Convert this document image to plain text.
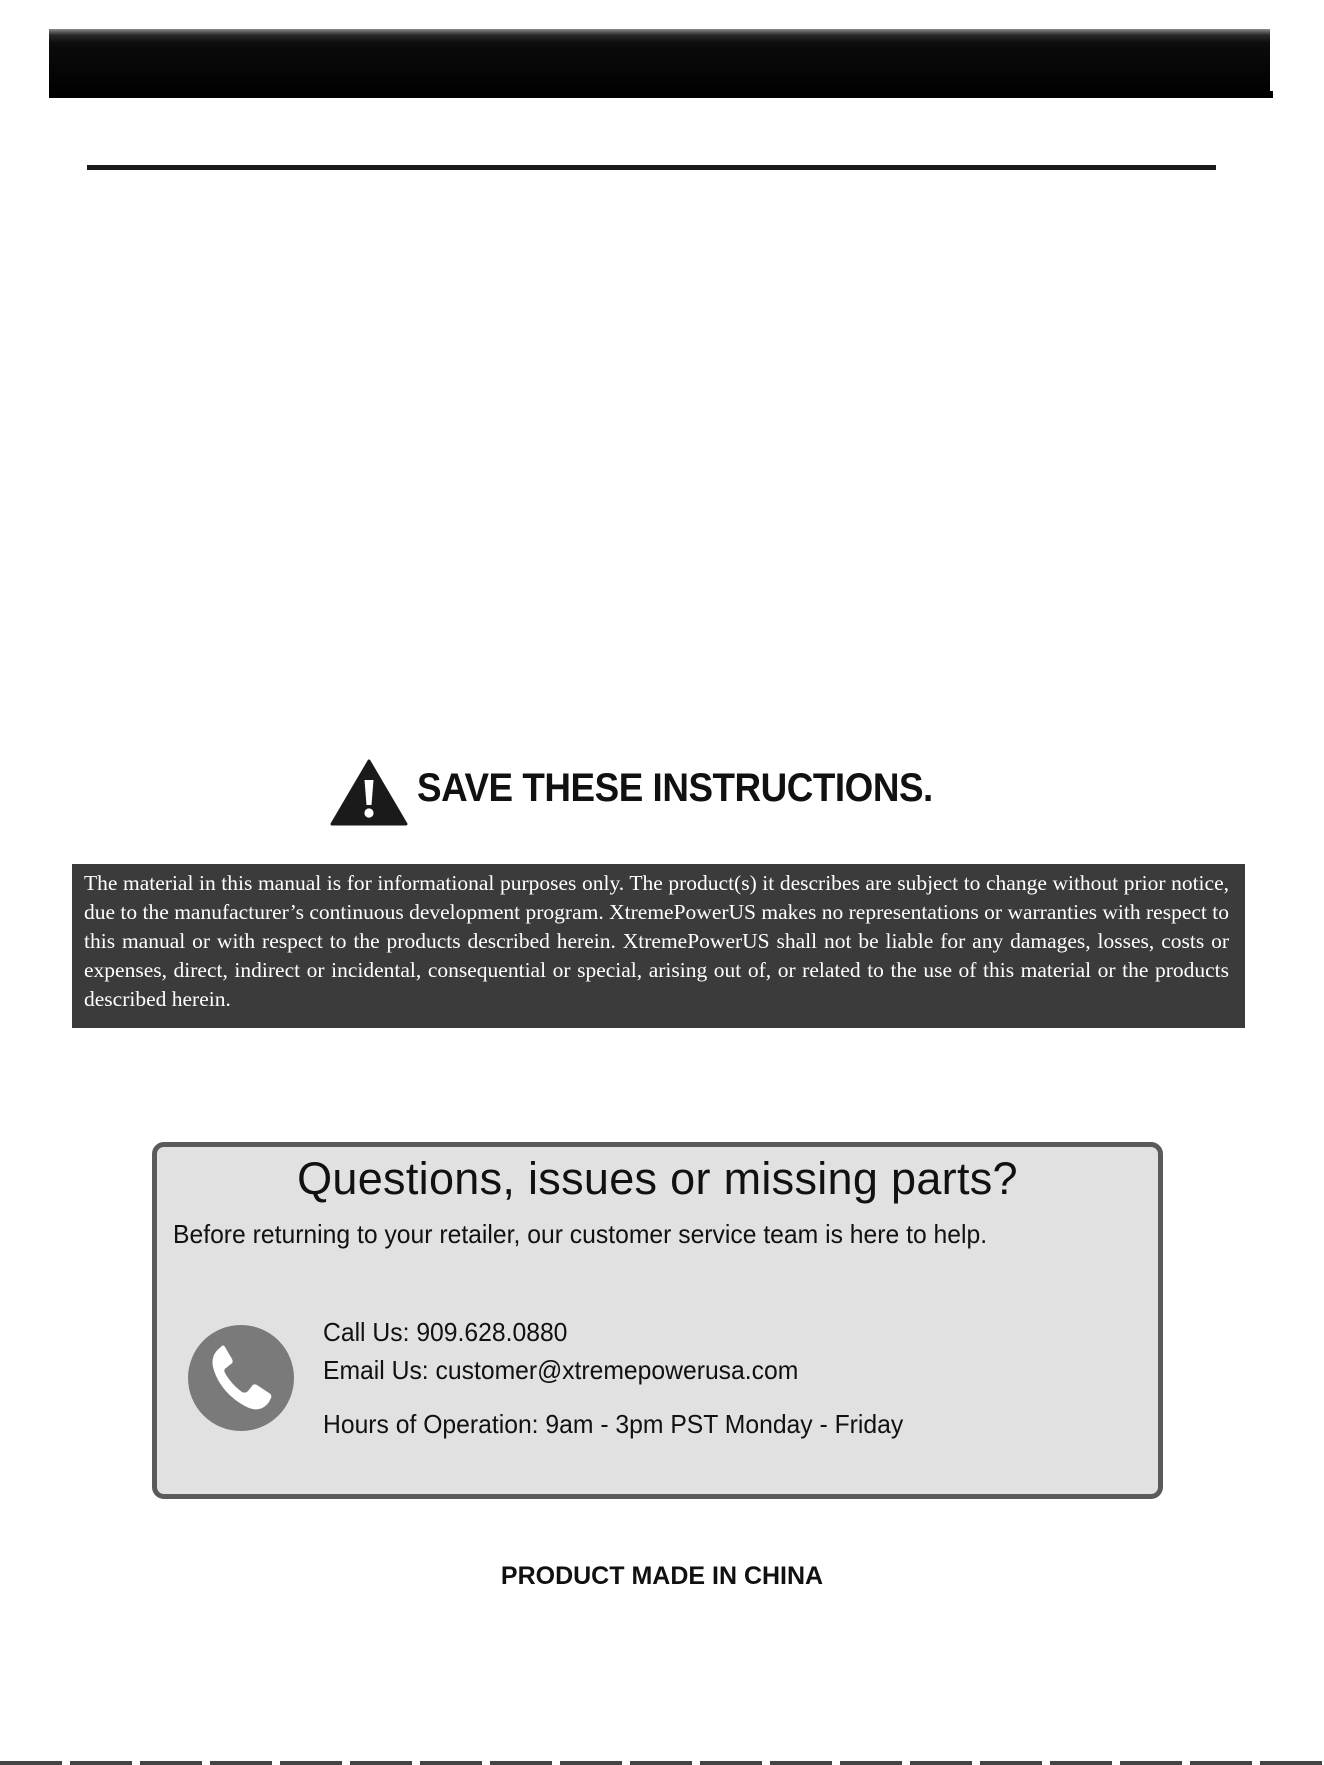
SAVE THESE INSTRUCTIONS.

The material in this manual is for informational purposes only. The product(s) it describes are subject to change without prior notice, due to the manufacturer’s continuous development program. XtremePowerUS makes no representations or warranties with respect to this manual or with respect to the products described herein. XtremePowerUS shall not be liable for any damages, losses, costs or expenses, direct, indirect or incidental, consequential or special, arising out of, or related to the use of this material or the products described herein.

Questions, issues or missing parts?
Before returning to your retailer, our customer service team is here to help.
Call Us: 909.628.0880
Email Us: customer@xtremepowerusa.com
Hours of Operation: 9am - 3pm PST Monday - Friday
PRODUCT MADE IN CHINA
